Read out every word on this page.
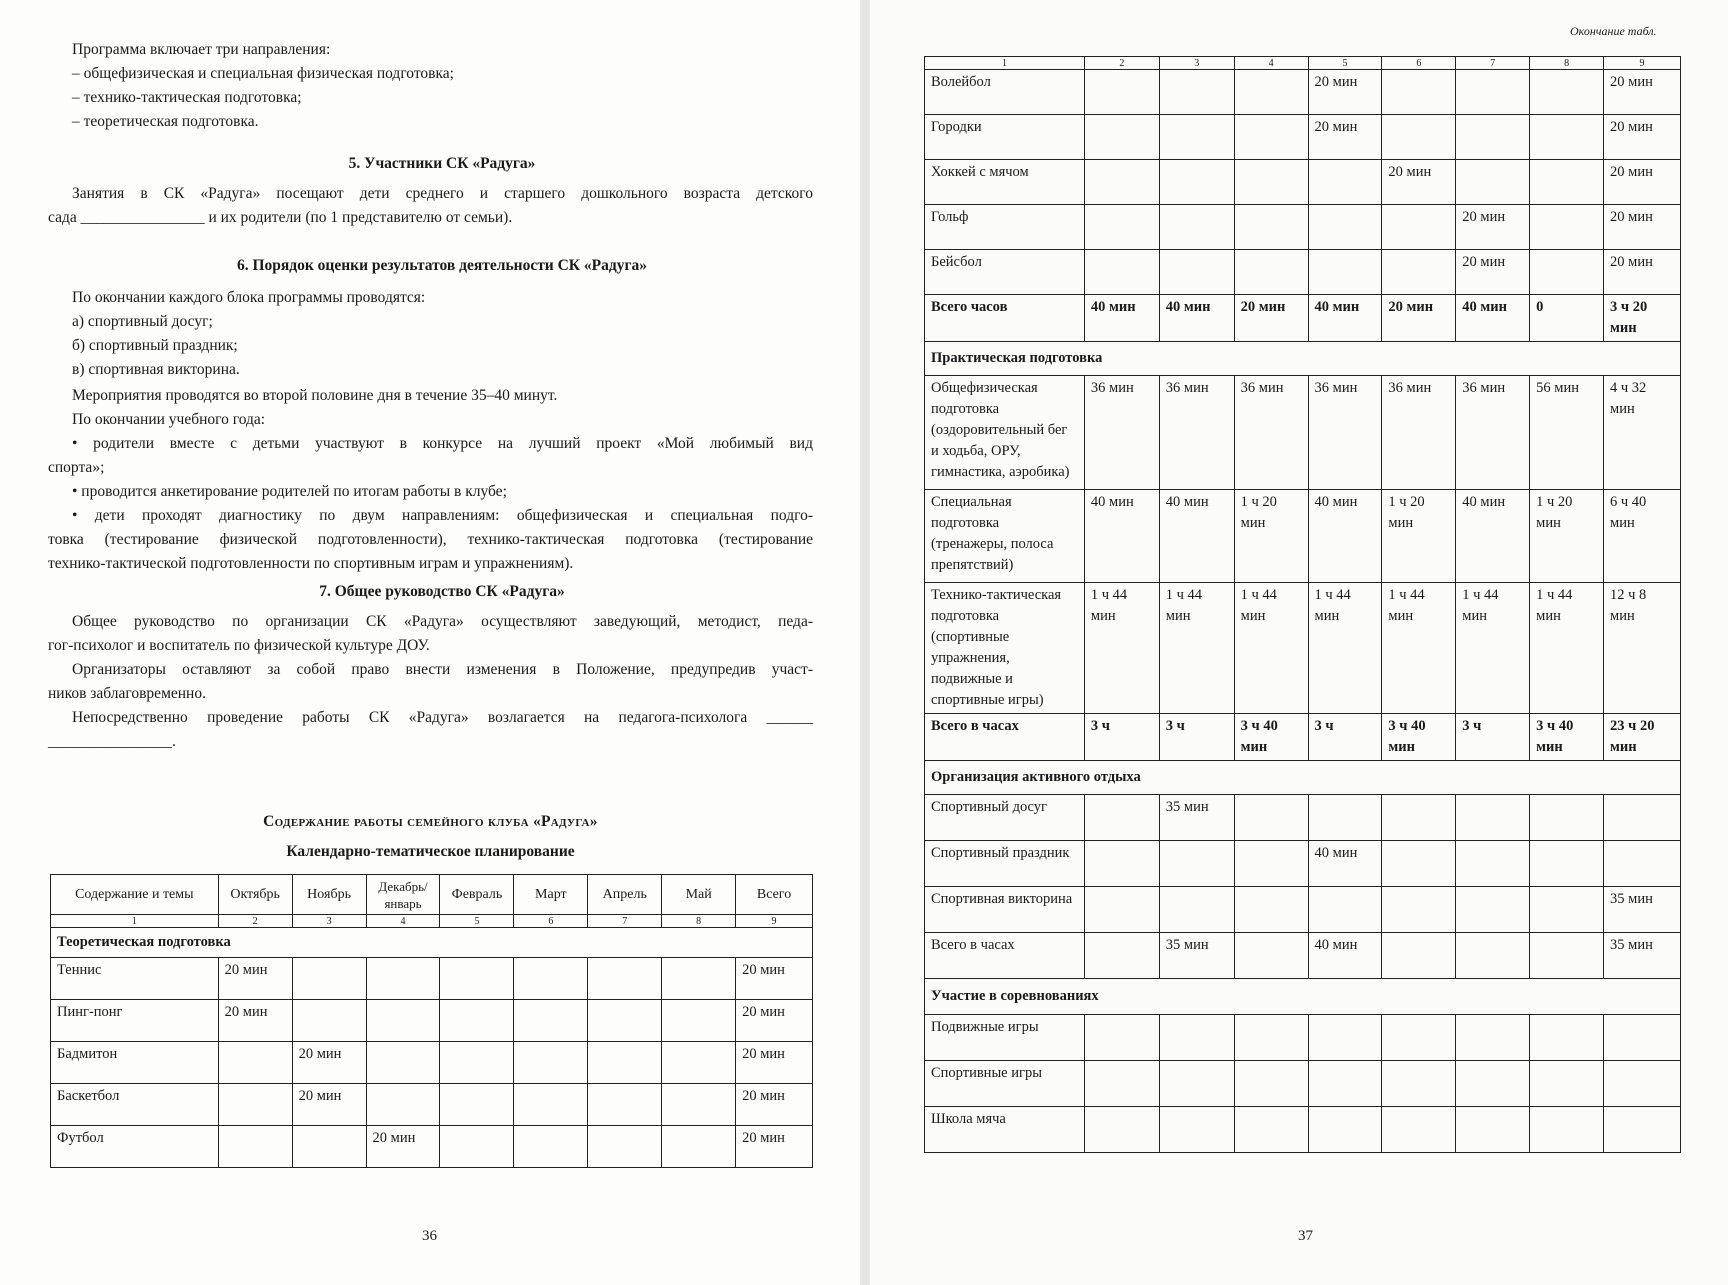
Программа включает три направления:
– общефизическая и специальная физическая подготовка;
– технико-тактическая подготовка;
– теоретическая подготовка.
5. Участники СК «Радуга»
Занятия в СК «Радуга» посещают дети среднего и старшего дошкольного возраста детского
сада ________________ и их родители (по 1 представителю от семьи).
6. Порядок оценки результатов деятельности СК «Радуга»
По окончании каждого блока программы проводятся:
а) спортивный досуг;
б) спортивный праздник;
в) спортивная викторина.
Мероприятия проводятся во второй половине дня в течение 35–40 минут.
По окончании учебного года:
• родители вместе с детьми участвуют в конкурсе на лучший проект «Мой любимый вид
спорта»;
• проводится анкетирование родителей по итогам работы в клубе;
• дети проходят диагностику по двум направлениям: общефизическая и специальная подго-
товка (тестирование физической подготовленности), технико-тактическая подготовка (тестирование
технико-тактической подготовленности по спортивным играм и упражнениям).
7. Общее руководство СК «Радуга»
Общее руководство по организации СК «Радуга» осуществляют заведующий, методист, педа-
гог-психолог и воспитатель по физической культуре ДОУ.
Организаторы оставляют за собой право внести изменения в Положение, предупредив участ-
ников заблаговременно.
Непосредственно проведение работы СК «Радуга» возлагается на педагога-психолога ______
________________.
Содержание работы семейного клуба «Радуга»
Календарно-тематическое планирование
Содержание и темы	Октябрь	Ноябрь	Декабрь/ январь	Февраль	Март	Апрель	Май	Всего
1	2	3	4	5	6	7	8	9
Теоретическая подготовка								
Теннис	20 мин							20 мин
Пинг-понг	20 мин							20 мин
Бадмитон		20 мин						20 мин
Баскетбол		20 мин						20 мин
Футбол			20 мин					20 мин
36
Окончание табл.
1	2	3	4	5	6	7	8	9
Волейбол				20 мин				20 мин
Городки				20 мин				20 мин
Хоккей с мячом					20 мин			20 мин
Гольф						20 мин		20 мин
Бейсбол						20 мин		20 мин
Всего часов	40 мин	40 мин	20 мин	40 мин	20 мин	40 мин	0	3 ч 20 мин
Практическая подготовка								
Общефизическая подготовка (оздоровительный бег и ходьба, ОРУ, гимнастика, аэробика)	36 мин	36 мин	36 мин	36 мин	36 мин	36 мин	56 мин	4 ч 32 мин
Специальная подготовка (тренажеры, полоса препятствий)	40 мин	40 мин	1 ч 20 мин	40 мин	1 ч 20 мин	40 мин	1 ч 20 мин	6 ч 40 мин
Технико-тактическая подготовка (спортивные упражнения, подвижные и спортивные игры)	1 ч 44 мин	1 ч 44 мин	1 ч 44 мин	1 ч 44 мин	1 ч 44 мин	1 ч 44 мин	1 ч 44 мин	12 ч 8 мин
Всего в часах	3 ч	3 ч	3 ч 40 мин	3 ч	3 ч 40 мин	3 ч	3 ч 40 мин	23 ч 20 мин
Организация активного отдыха								
Спортивный досуг		35 мин						
Спортивный праздник				40 мин				
Спортивная викторина								35 мин
Всего в часах		35 мин		40 мин				35 мин
Участие в соревнованиях								
Подвижные игры								
Спортивные игры								
Школа мяча								
37
